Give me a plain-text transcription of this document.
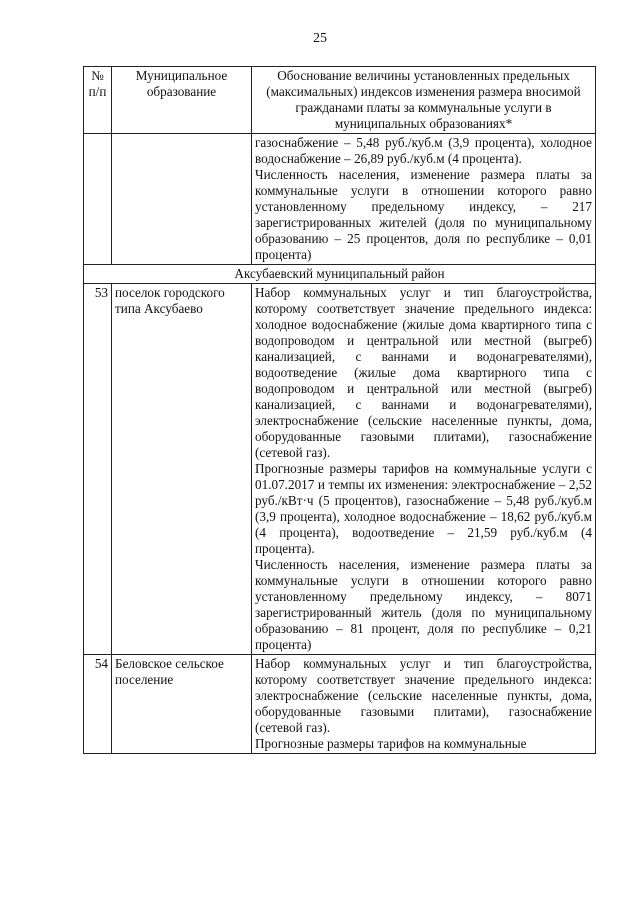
25
№ п/п	Муниципальное образование	Обоснование величины установленных предельных (максимальных) индексов изменения размера вносимой гражданами платы за коммунальные услуги в муниципальных образованиях*

		газоснабжение – 5,48 руб./куб.м (3,9 процента), холодное водоснабжение – 26,89 руб./куб.м (4 процента).

Численность населения, изменение размера платы за коммунальные услуги в отношении которого равно установленному предельному индексу, – 217 зарегистрированных жителей (доля по муниципальному образованию – 25 процентов, доля по республике – 0,01 процента)

Аксубаевский муниципальный район		
53	поселок городского типа Аксубаево	Набор коммунальных услуг и тип благоустройства, которому соответствует значение предельного индекса: холодное водоснабжение (жилые дома квартирного типа с водопроводом и центральной или местной (выгреб) канализацией, с ваннами и водонагревателями), водоотведение (жилые дома квартирного типа с водопроводом и центральной или местной (выгреб) канализацией, с ваннами и водонагревателями), электроснабжение (сельские населенные пункты, дома, оборудованные газовыми плитами), газоснабжение (сетевой газ).

Прогнозные размеры тарифов на коммунальные услуги с 01.07.2017 и темпы их изменения: электроснабжение – 2,52 руб./кВт·ч (5 процентов), газоснабжение – 5,48 руб./куб.м (3,9 процента), холодное водоснабжение – 18,62 руб./куб.м (4 процента), водоотведение – 21,59 руб./куб.м (4 процента).

Численность населения, изменение размера платы за коммунальные услуги в отношении которого равно установленному предельному индексу, – 8071 зарегистрированный житель (доля по муниципальному образованию – 81 процент, доля по республике – 0,21 процента)

54	Беловское сельское поселение	Набор коммунальных услуг и тип благоустройства, которому соответствует значение предельного индекса: электроснабжение (сельские населенные пункты, дома, оборудованные газовыми плитами), газоснабжение (сетевой газ).

Прогнозные размеры тарифов на коммунальные
